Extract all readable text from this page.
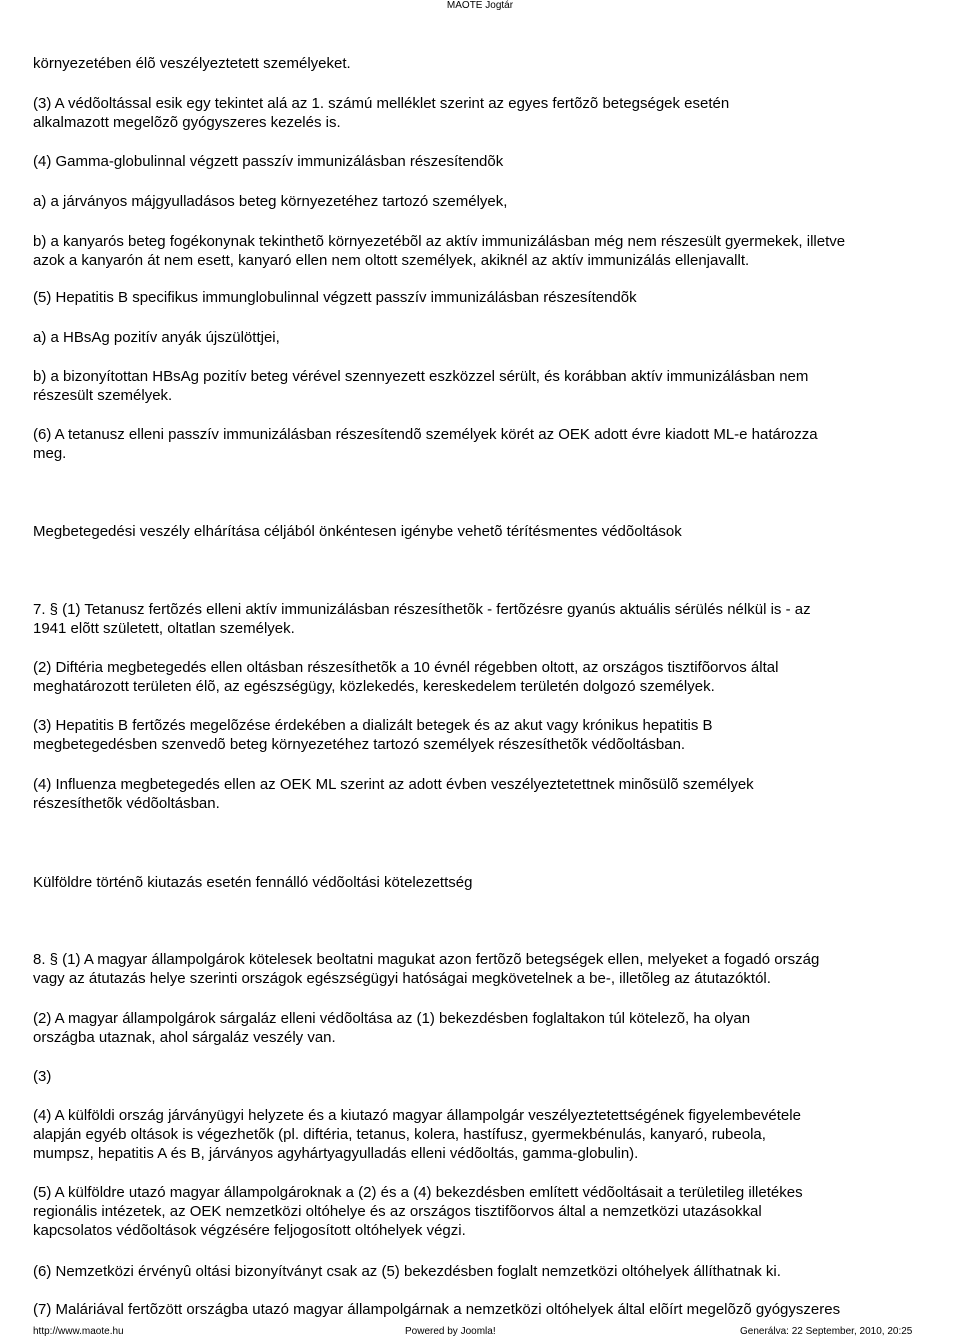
MAOTE Jogtár

környezetében élõ veszélyeztetett személyeket.

(3) A védõoltással esik egy tekintet alá az 1. számú melléklet szerint az egyes fertõzõ betegségek esetén

alkalmazott megelõzõ gyógyszeres kezelés is.

(4) Gamma-globulinnal végzett passzív immunizálásban részesítendõk

a) a járványos májgyulladásos beteg környezetéhez tartozó személyek,

b) a kanyarós beteg fogékonynak tekinthetõ környezetébõl az aktív immunizálásban még nem részesült gyermekek, illetve

azok a kanyarón át nem esett, kanyaró ellen nem oltott személyek, akiknél az aktív immunizálás ellenjavallt.

(5) Hepatitis B specifikus immunglobulinnal végzett passzív immunizálásban részesítendõk

a) a HBsAg pozitív anyák újszülöttjei,

b) a bizonyítottan HBsAg pozitív beteg vérével szennyezett eszközzel sérült, és korábban aktív immunizálásban nem

részesült személyek.

(6) A tetanusz elleni passzív immunizálásban részesítendõ személyek körét az OEK adott évre kiadott ML-e határozza

meg.

Megbetegedési veszély elhárítása céljából önkéntesen igénybe vehetõ térítésmentes védõoltások

7. § (1) Tetanusz fertõzés elleni aktív immunizálásban részesíthetõk - fertõzésre gyanús aktuális sérülés nélkül is - az

1941 elõtt született, oltatlan személyek.

(2) Diftéria megbetegedés ellen oltásban részesíthetõk a 10 évnél régebben oltott, az országos tisztifõorvos által

meghatározott területen élõ, az egészségügy, közlekedés, kereskedelem területén dolgozó személyek.

(3) Hepatitis B fertõzés megelõzése érdekében a dializált betegek és az akut vagy krónikus hepatitis B

megbetegedésben szenvedõ beteg környezetéhez tartozó személyek részesíthetõk védõoltásban.

(4) Influenza megbetegedés ellen az OEK ML szerint az adott évben veszélyeztetettnek minõsülõ személyek

részesíthetõk védõoltásban.

Külföldre történõ kiutazás esetén fennálló védõoltási kötelezettség

8. § (1) A magyar állampolgárok kötelesek beoltatni magukat azon fertõzõ betegségek ellen, melyeket a fogadó ország

vagy az átutazás helye szerinti országok egészségügyi hatóságai megkövetelnek a be-, illetõleg az átutazóktól.

(2) A magyar állampolgárok sárgaláz elleni védõoltása az (1) bekezdésben foglaltakon túl kötelezõ, ha olyan

országba utaznak, ahol sárgaláz veszély van.

(3)

(4) A külföldi ország járványügyi helyzete és a kiutazó magyar állampolgár veszélyeztetettségének figyelembevétele

alapján egyéb oltások is végezhetõk (pl. diftéria, tetanus, kolera, hastífusz, gyermekbénulás, kanyaró, rubeola,

mumpsz, hepatitis A és B, járványos agyhártyagyulladás elleni védõoltás, gamma-globulin).

(5) A külföldre utazó magyar állampolgároknak a (2) és a (4) bekezdésben említett védõoltásait a területileg illetékes

regionális intézetek, az OEK nemzetközi oltóhelye és az országos tisztifõorvos által a nemzetközi utazásokkal

kapcsolatos védõoltások végzésére feljogosított oltóhelyek végzi.

(6) Nemzetközi érvényû oltási bizonyítványt csak az (5) bekezdésben foglalt nemzetközi oltóhelyek állíthatnak ki.

(7) Maláriával fertõzött országba utazó magyar állampolgárnak a nemzetközi oltóhelyek által elõírt megelõzõ gyógyszeres

http://www.maote.hu	Powered by Joomla!	Generálva: 22 September, 2010, 20:25
